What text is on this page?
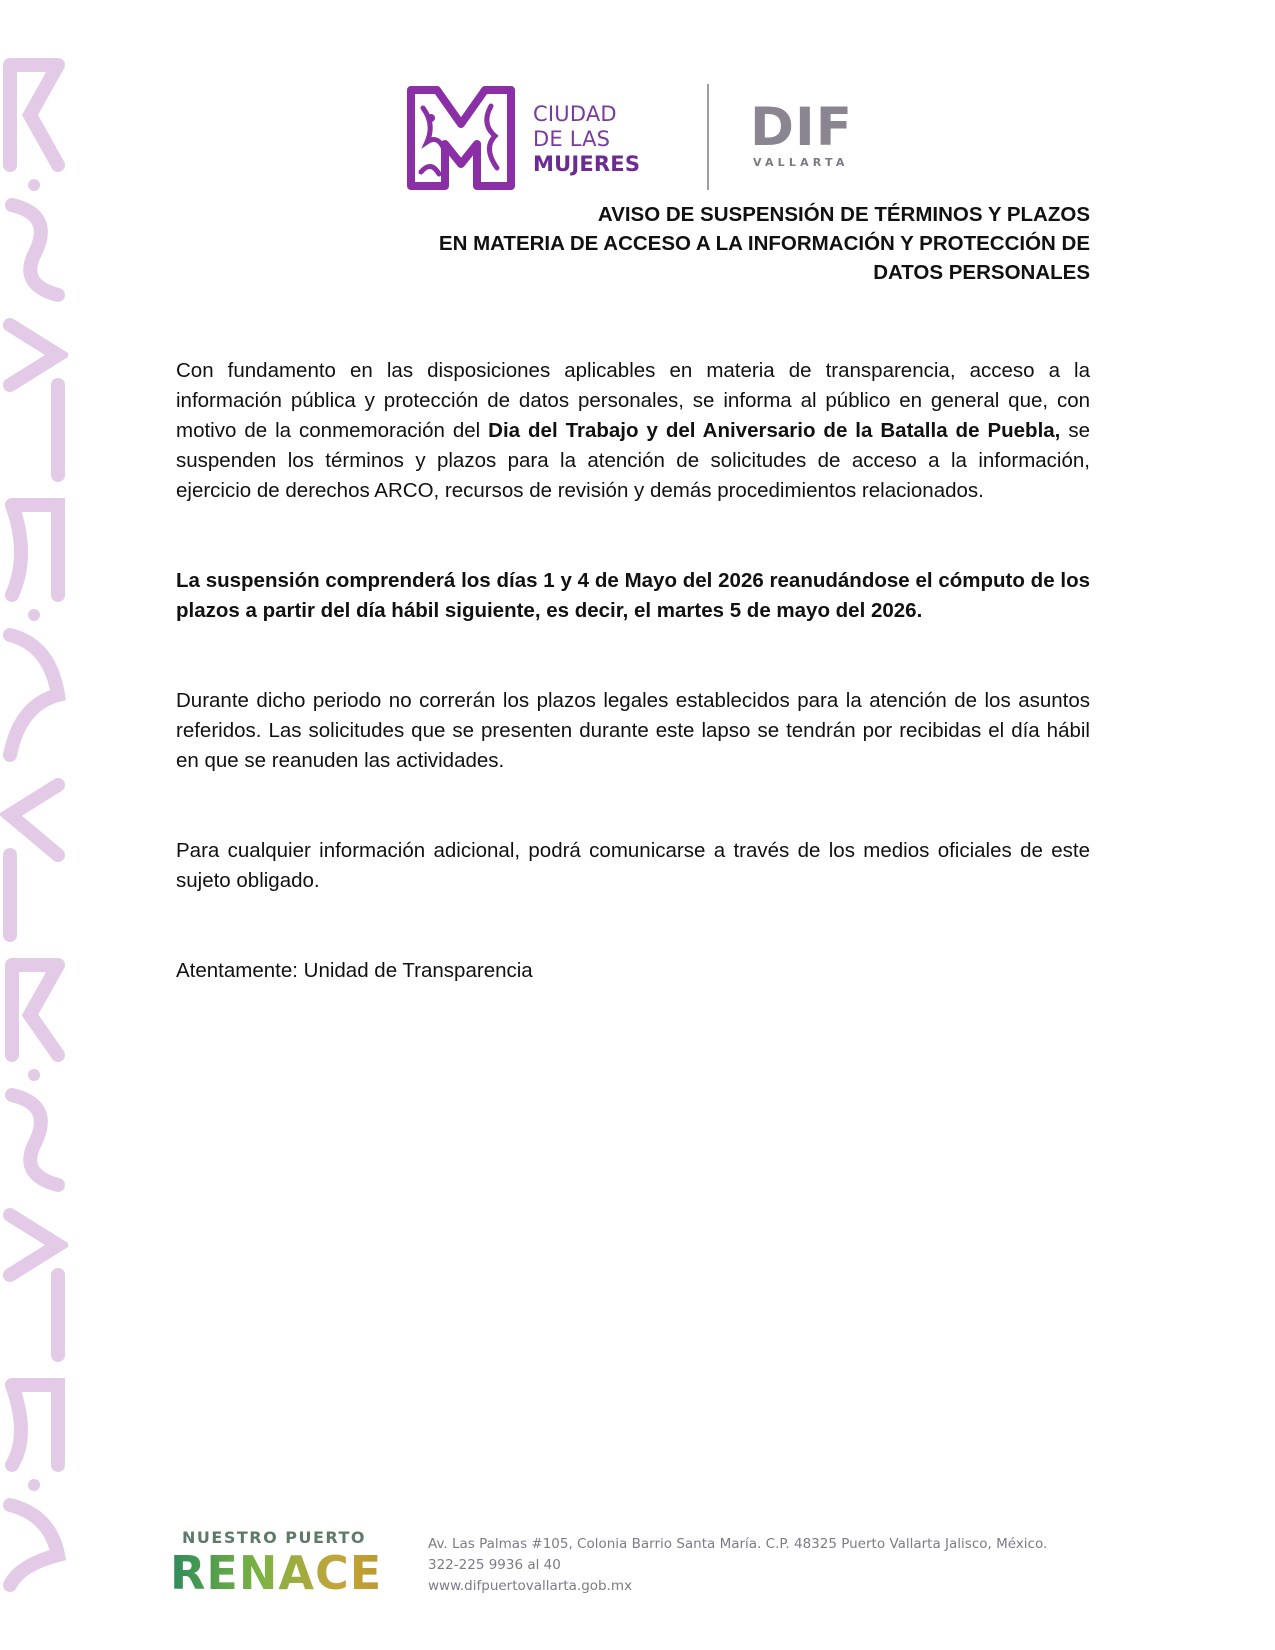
CIUDAD
DE LAS
MUJERES
DIF
VALLARTA
AVISO DE SUSPENSIÓN DE TÉRMINOS Y PLAZOS
EN MATERIA DE ACCESO A LA INFORMACIÓN Y PROTECCIÓN DE
DATOS PERSONALES

Con fundamento en las disposiciones aplicables en materia de transparencia, acceso a la información pública y protección de datos personales, se informa al público en general que, con motivo de la conmemoración del Dia del Trabajo y del Aniversario de la Batalla de Puebla, se suspenden los términos y plazos para la atención de solicitudes de acceso a la información, ejercicio de derechos ARCO, recursos de revisión y demás procedimientos relacionados.

La suspensión comprenderá los días 1 y 4 de Mayo del 2026 reanudándose el cómputo de los plazos a partir del día hábil siguiente, es decir, el martes 5 de mayo del 2026.

Durante dicho periodo no correrán los plazos legales establecidos para la atención de los asuntos referidos. Las solicitudes que se presenten durante este lapso se tendrán por recibidas el día hábil en que se reanuden las actividades.

Para cualquier información adicional, podrá comunicarse a través de los medios oficiales de este sujeto obligado.

Atentamente: Unidad de Transparencia

NUESTRO PUERTO
RENACE
Av. Las Palmas #105, Colonia Barrio Santa María. C.P. 48325 Puerto Vallarta Jalisco, México.
322-225 9936 al 40
www.difpuertovallarta.gob.mx
